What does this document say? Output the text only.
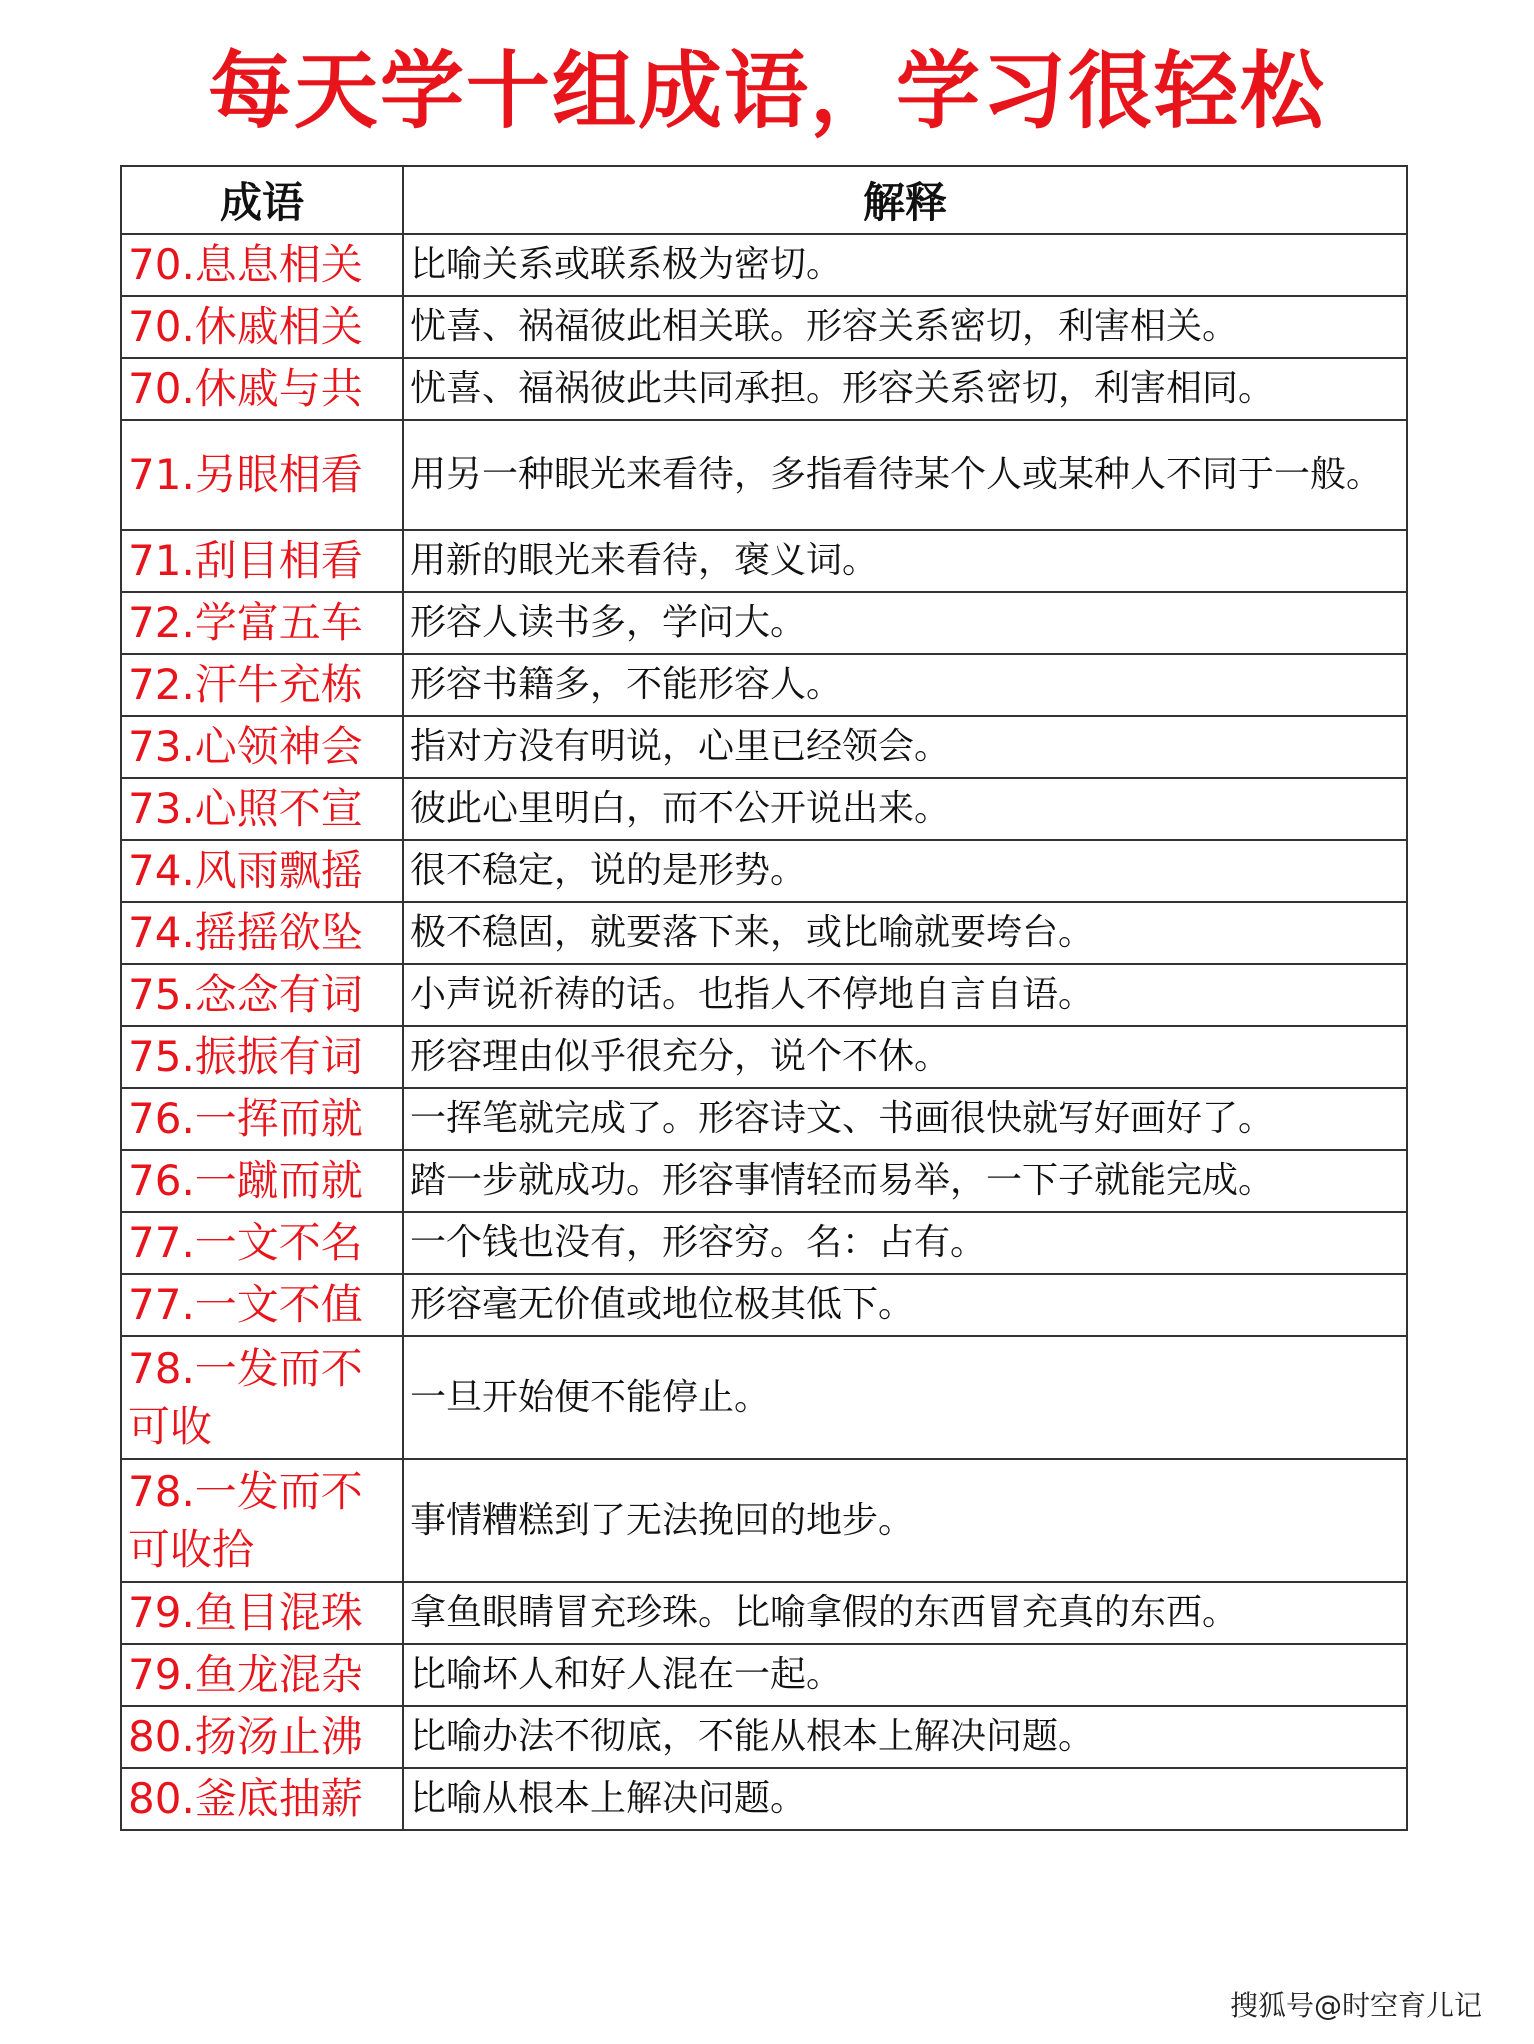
每天学十组成语，学习很轻松
成语	解释
70.息息相关	比喻关系或联系极为密切。
70.休戚相关	忧喜、祸福彼此相关联。形容关系密切，利害相关。
70.休戚与共	忧喜、福祸彼此共同承担。形容关系密切，利害相同。
71.另眼相看	用另一种眼光来看待，多指看待某个人或某种人不同于一般。
71.刮目相看	用新的眼光来看待，褒义词。
72.学富五车	形容人读书多，学问大。
72.汗牛充栋	形容书籍多，不能形容人。
73.心领神会	指对方没有明说，心里已经领会。
73.心照不宣	彼此心里明白，而不公开说出来。
74.风雨飘摇	很不稳定，说的是形势。
74.摇摇欲坠	极不稳固，就要落下来，或比喻就要垮台。
75.念念有词	小声说祈祷的话。也指人不停地自言自语。
75.振振有词	形容理由似乎很充分，说个不休。
76.一挥而就	一挥笔就完成了。形容诗文、书画很快就写好画好了。
76.一蹴而就	踏一步就成功。形容事情轻而易举，一下子就能完成。
77.一文不名	一个钱也没有，形容穷。名：占有。
77.一文不值	形容毫无价值或地位极其低下。
78.一发而不可收	一旦开始便不能停止。
78.一发而不可收拾	事情糟糕到了无法挽回的地步。
79.鱼目混珠	拿鱼眼睛冒充珍珠。比喻拿假的东西冒充真的东西。
79.鱼龙混杂	比喻坏人和好人混在一起。
80.扬汤止沸	比喻办法不彻底，不能从根本上解决问题。
80.釜底抽薪	比喻从根本上解决问题。
搜狐号@时空育儿记
